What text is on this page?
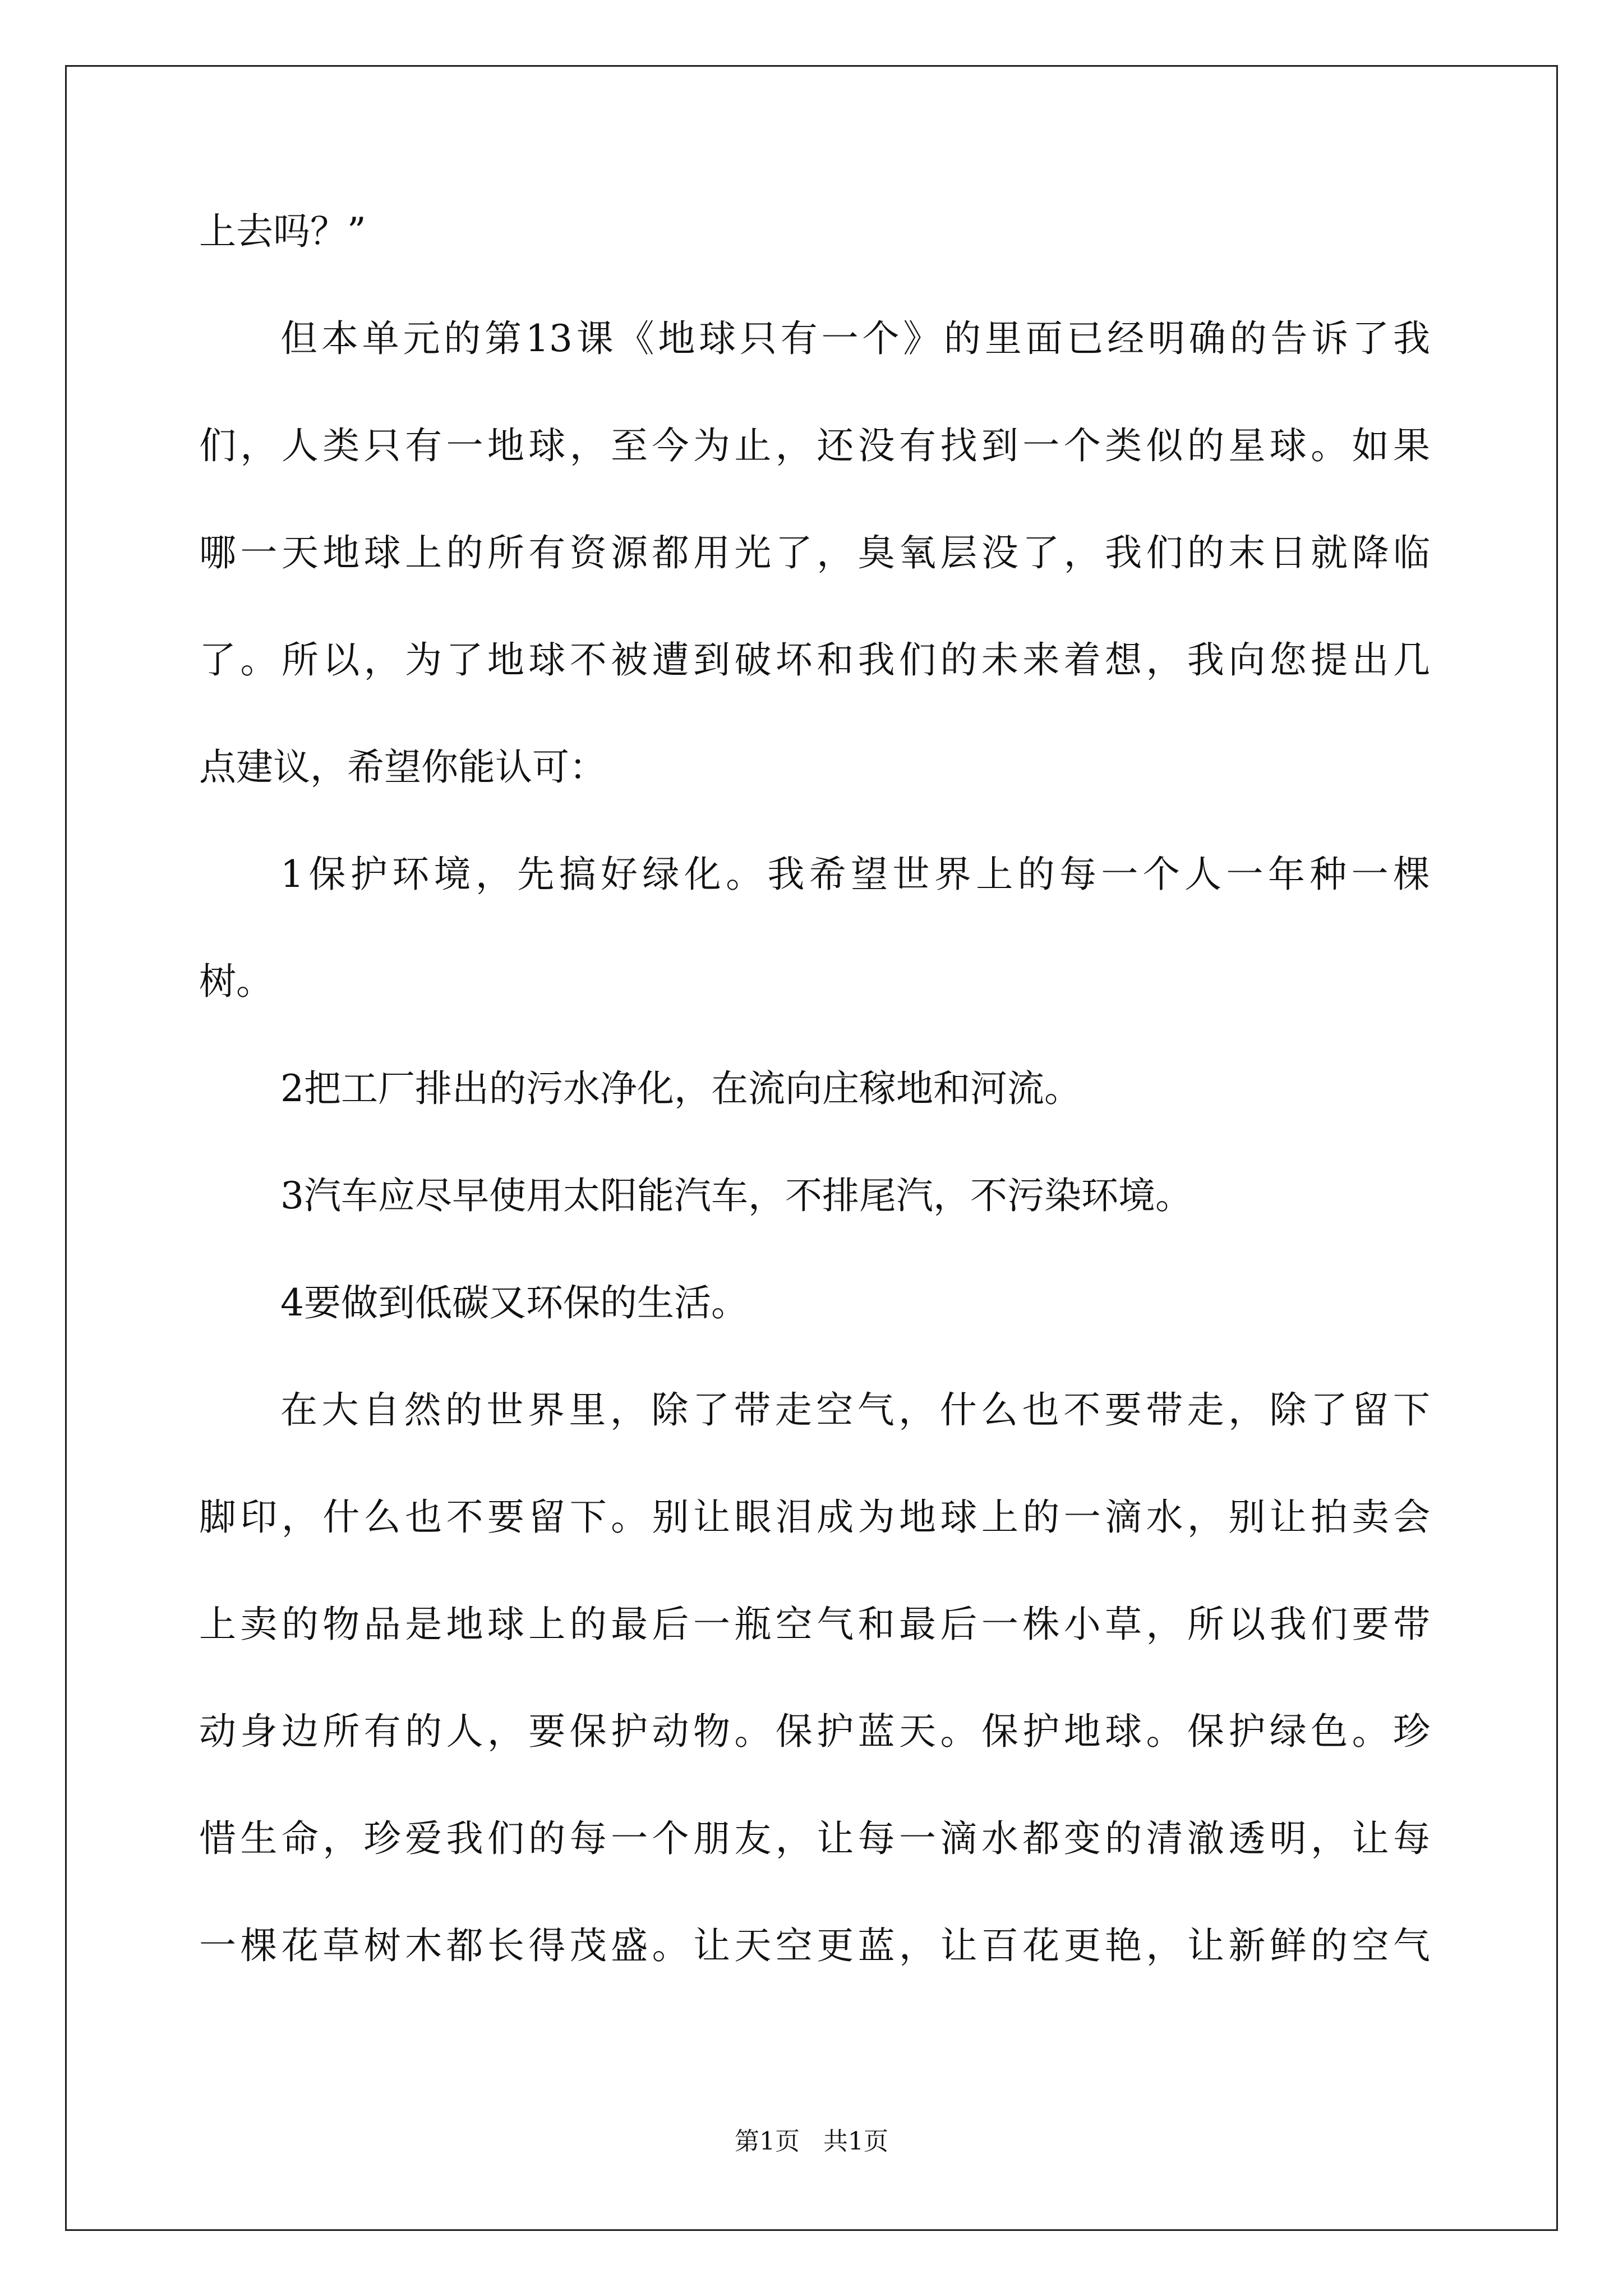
上去吗？”
但本单元的第13课《地球只有一个》的里面已经明确的告诉了我
们，人类只有一地球，至今为止，还没有找到一个类似的星球。如果
哪一天地球上的所有资源都用光了，臭氧层没了，我们的末日就降临
了。所以，为了地球不被遭到破坏和我们的未来着想，我向您提出几
点建议，希望你能认可：
1保护环境，先搞好绿化。我希望世界上的每一个人一年种一棵
树。
2把工厂排出的污水净化，在流向庄稼地和河流。
3汽车应尽早使用太阳能汽车，不排尾汽，不污染环境。
4要做到低碳又环保的生活。
在大自然的世界里，除了带走空气，什么也不要带走，除了留下
脚印，什么也不要留下。别让眼泪成为地球上的一滴水，别让拍卖会
上卖的物品是地球上的最后一瓶空气和最后一株小草，所以我们要带
动身边所有的人，要保护动物。保护蓝天。保护地球。保护绿色。珍
惜生命，珍爱我们的每一个朋友，让每一滴水都变的清澈透明，让每
一棵花草树木都长得茂盛。让天空更蓝，让百花更艳，让新鲜的空气
第1页   共1页
